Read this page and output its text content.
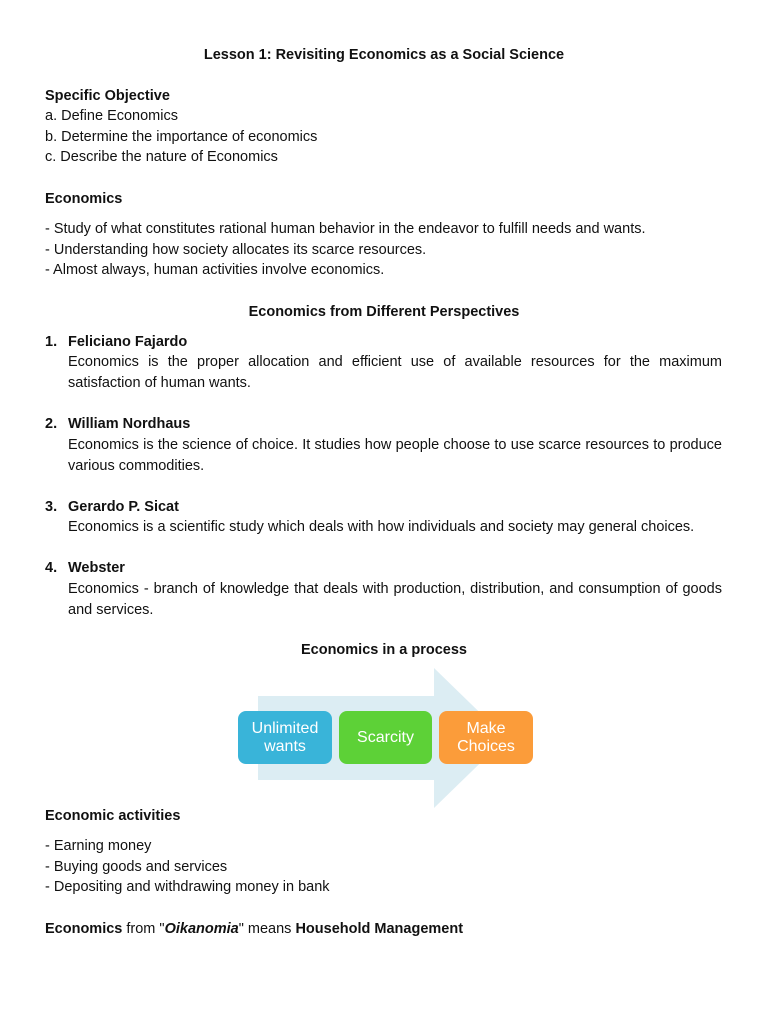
Lesson 1: Revisiting Economics as a Social Science
Specific Objective
a. Define Economics
b. Determine the importance of economics
c. Describe the nature of Economics
Economics
- Study of what constitutes rational human behavior in the endeavor to fulfill needs and wants.
- Understanding how society allocates its scarce resources.
- Almost always, human activities involve economics.
Economics from Different Perspectives
1. Feliciano Fajardo
Economics is the proper allocation and efficient use of available resources for the maximum satisfaction of human wants.
2. William Nordhaus
Economics is the science of choice. It studies how people choose to use scarce resources to produce various commodities.
3. Gerardo P. Sicat
Economics is a scientific study which deals with how individuals and society may general choices.
4. Webster
Economics - branch of knowledge that deals with production, distribution, and consumption of goods and services.
Economics in a process
Unlimited
wants
Scarcity
Make
Choices
Economic activities
- Earning money
- Buying goods and services
- Depositing and withdrawing money in bank
Economics from "Oikanomia" means Household Management
